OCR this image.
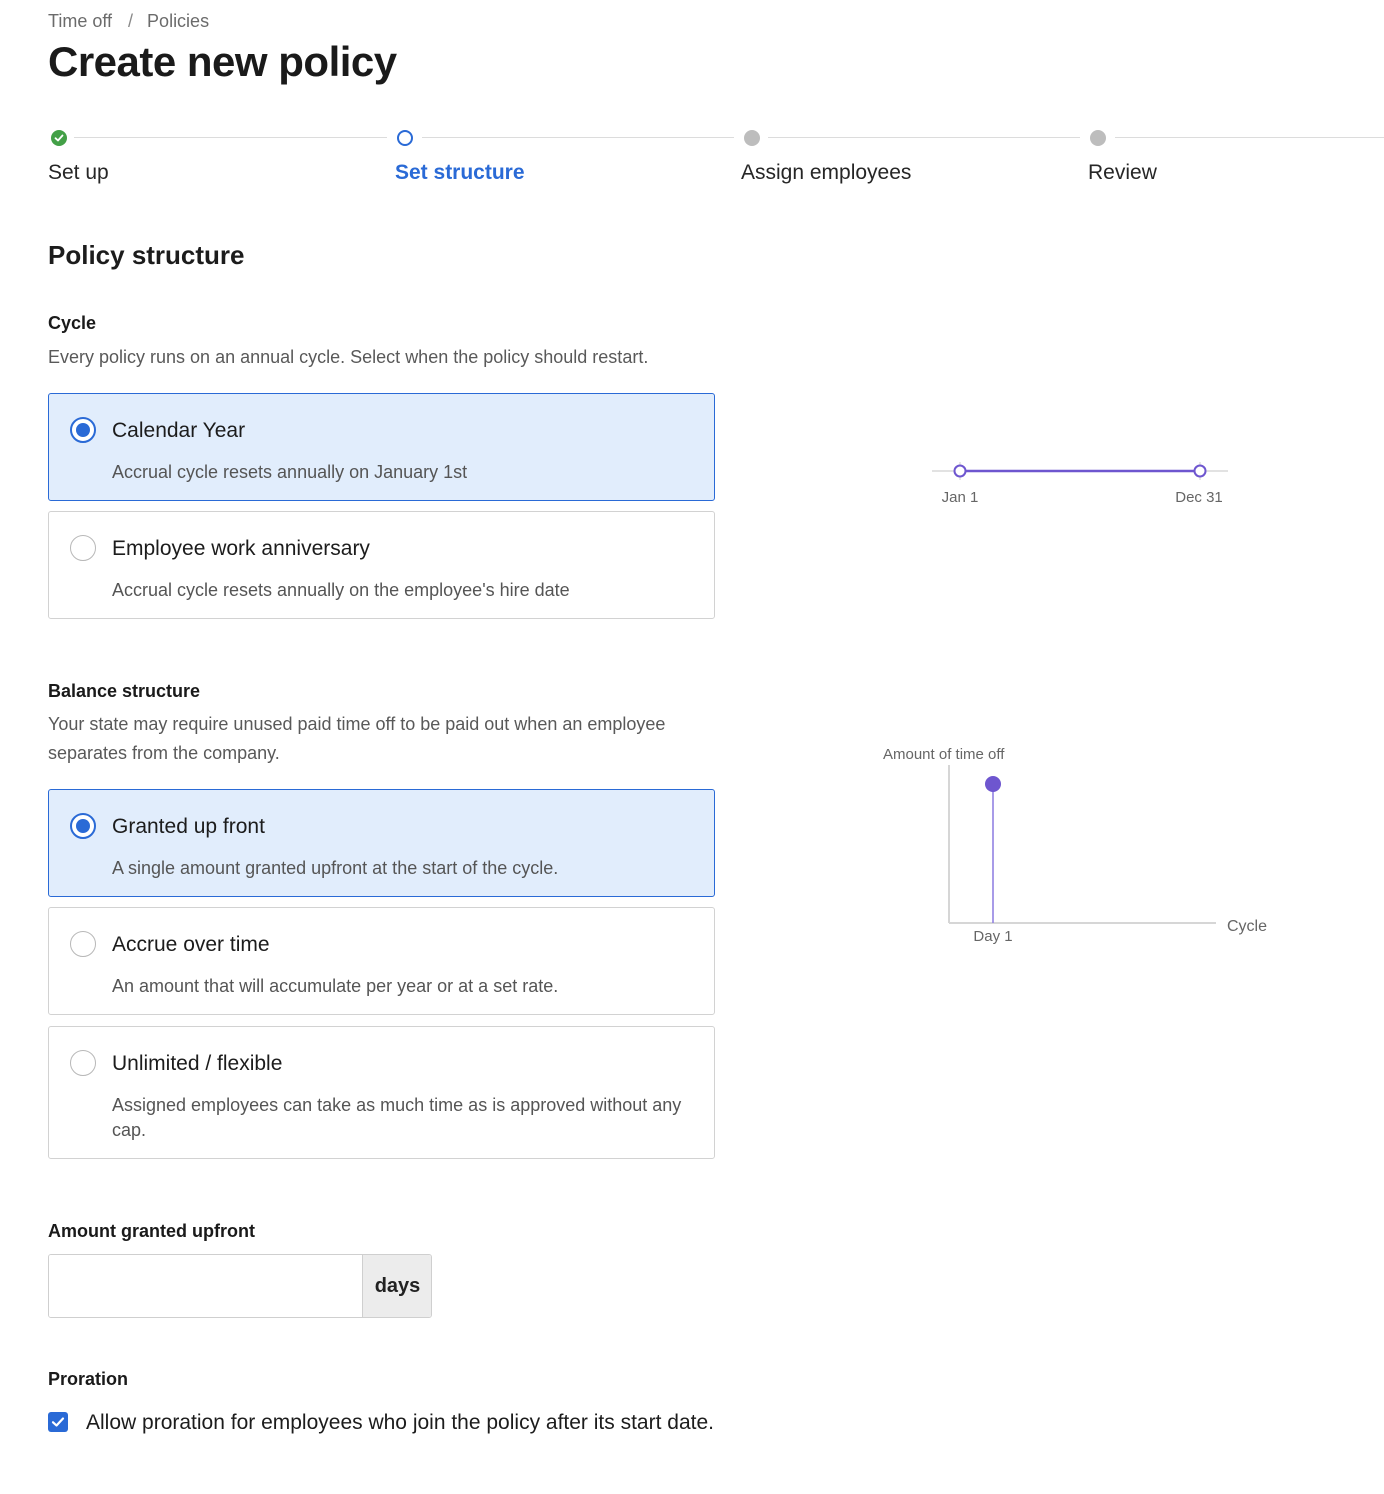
Time off / Policies
Create new policy
Set up	Set structure	Assign employees	Review
Policy structure
Cycle
Every policy runs on an annual cycle. Select when the policy should restart.
Calendar Year
Accrual cycle resets annually on January 1st
Employee work anniversary
Accrual cycle resets annually on the employee's hire date
Jan 1	Dec 31
Balance structure
Your state may require unused paid time off to be paid out when an employee separates from the company.
Granted up front
A single amount granted upfront at the start of the cycle.
Accrue over time
An amount that will accumulate per year or at a set rate.
Unlimited / flexible
Assigned employees can take as much time as is approved without any cap.
Amount of time off
Cycle
Day 1
Amount granted upfront
days
Proration
Allow proration for employees who join the policy after its start date.
